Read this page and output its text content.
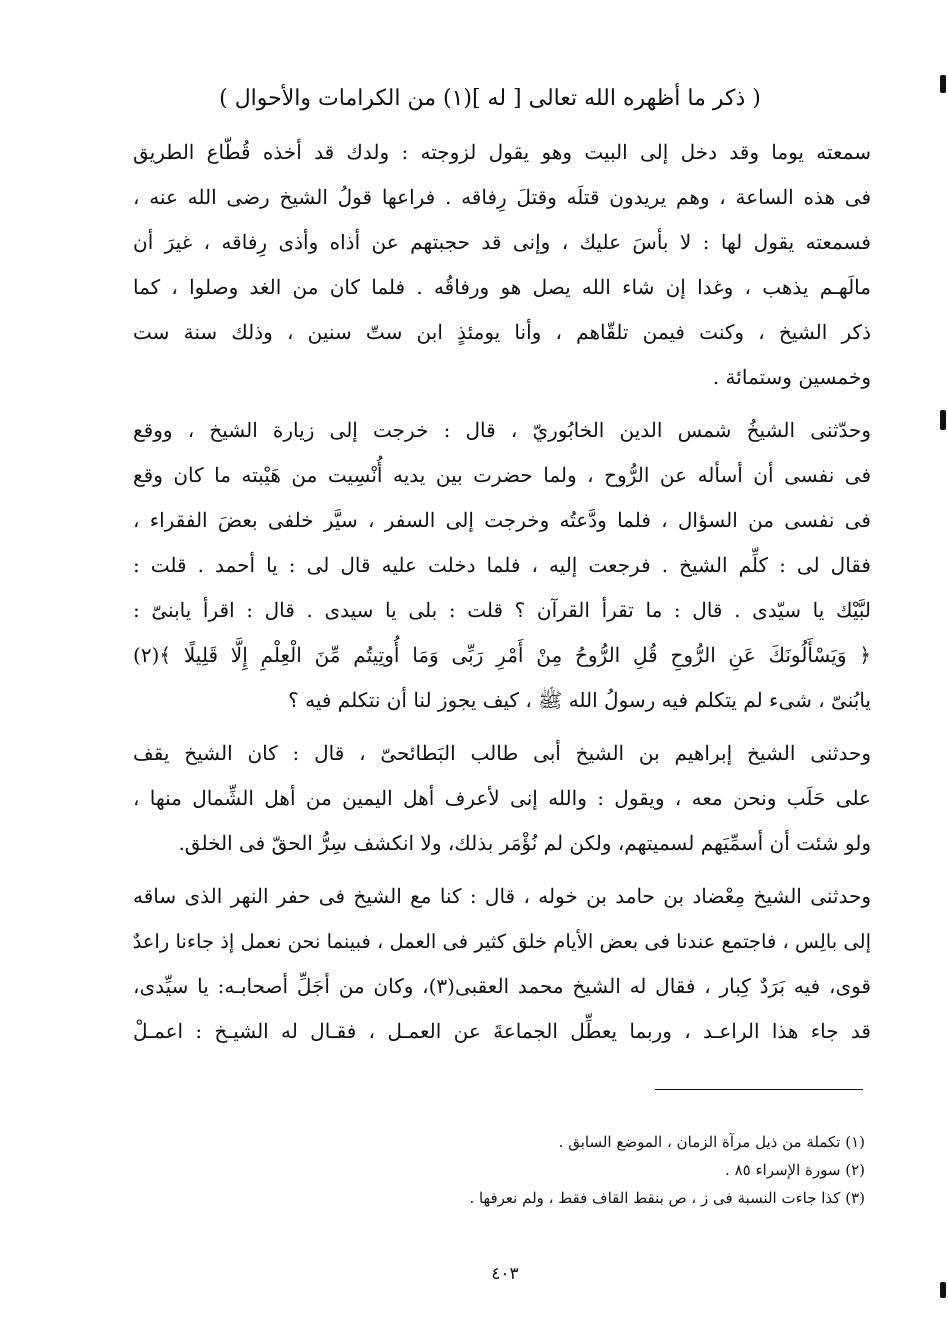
( ذكر ما أظهره الله تعالى [ له ](١) من الكرامات والأحوال )
سمعته يوما وقد دخل إلى البيت وهو يقول لزوجته : ولدك قد أخذه قُطّاع الطريق
فى هذه الساعة ، وهم يريدون قتلَه وقتلَ رِفاقه . فراعها قولُ الشيخ رضى الله عنه ،
فسمعته يقول لها : لا بأسَ عليك ، وإنى قد حجبتهم عن أذاه وأذى رِفاقه ، غيرَ أن
مالَهـم يذهب ، وغدا إن شاء الله يصل هو ورفاقُه . فلما كان من الغد وصلوا ، كما
ذكر الشيخ ، وكنت فيمن تلقّاهم ، وأنا يومئذٍ ابن ستّ سنين ، وذلك سنة ست
وخمسين وستمائة .
وحدّثنى الشيخُ شمس الدين الخابُوريّ ، قال : خرجت إلى زيارة الشيخ ، ووقع
فى نفسى أن أسأله عن الرُّوح ، ولما حضرت بين يديه أُنْسِيت من هَيْبته ما كان وقع
فى نفسى من السؤال ، فلما ودَّعتُه وخرجت إلى السفر ، سيَّر خلفى بعضَ الفقراء ،
فقال لى : كلِّم الشيخ . فرجعت إليه ، فلما دخلت عليه قال لى : يا أحمد . قلت :
لبَّيْك يا سيّدى . قال : ما تقرأ القرآن ؟ قلت : بلى يا سيدى . قال : اقرأ يابنىّ :
﴿ وَيَسْأَلُونَكَ عَنِ الرُّوحِ قُلِ الرُّوحُ مِنْ أَمْرِ رَبِّى وَمَا أُوتِيتُم مِّنَ الْعِلْمِ إِلَّا قَلِيلًا ﴾(٢)
يابُنىّ ، شىء لم يتكلم فيه رسولُ الله ﷺ ، كيف يجوز لنا أن نتكلم فيه ؟
وحدثنى الشيخ إبراهيم بن الشيخ أبى طالب البَطائحىّ ، قال : كان الشيخ يقف
على حَلَب ونحن معه ، ويقول : والله إنى لأعرف أهل اليمين من أهل الشِّمال منها ،
ولو شئت أن أسمِّيَهم لسميتهم، ولكن لم نُؤْمَر بذلك، ولا انكشف سِرُّ الحقّ فى الخلق.
وحدثنى الشيخ مِعْضاد بن حامد بن خوله ، قال : كنا مع الشيخ فى حفر النهر الذى ساقه
إلى بالِس ، فاجتمع عندنا فى بعض الأيام خلق كثير فى العمل ، فبينما نحن نعمل إذ جاءنا راعدٌ
قوى، فيه بَرَدٌ كِبار ، فقال له الشيخ محمد العقبى(٣)، وكان من أجَلِّ أصحابـه: يا سيِّدى،
قد جاء هذا الراعـد ، وربما يعطِّل الجماعةَ عن العمـل ، فقـال له الشيـخ : اعمـلْ
(١) تكملة من ذيل مرآة الزمان ، الموضع السابق .
(٢) سورة الإسراء ٨٥ .
(٣) كذا جاءت النسبة فى ز ، ص بنقط القاف فقط ، ولم نعرفها .
٤٠٣
